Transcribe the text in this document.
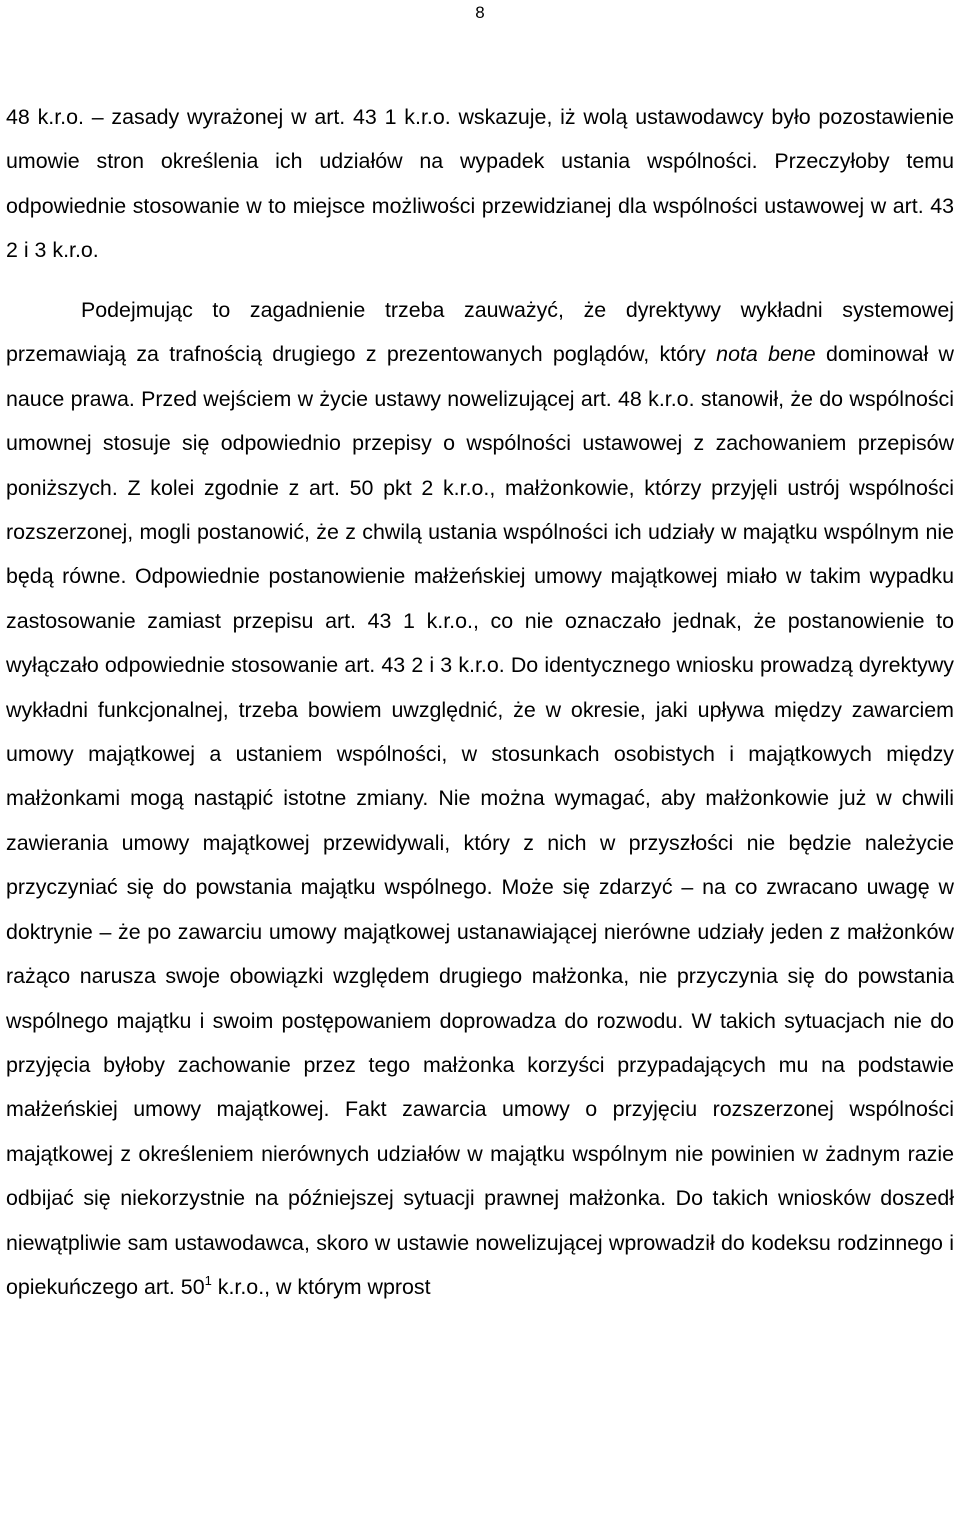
8

48 k.r.o. – zasady wyrażonej w art. 43 1 k.r.o. wskazuje, iż wolą ustawodawcy było pozostawienie umowie stron określenia ich udziałów na wypadek ustania wspólności. Przeczyłoby temu odpowiednie stosowanie w to miejsce możliwości przewidzianej dla wspólności ustawowej w art. 43 2 i 3 k.r.o.

Podejmując to zagadnienie trzeba zauważyć, że dyrektywy wykładni systemowej przemawiają za trafnością drugiego z prezentowanych poglądów, który nota bene dominował w nauce prawa. Przed wejściem w życie ustawy nowelizującej art. 48 k.r.o. stanowił, że do wspólności umownej stosuje się odpowiednio przepisy o wspólności ustawowej z zachowaniem przepisów poniższych. Z kolei zgodnie z art. 50 pkt 2 k.r.o., małżonkowie, którzy przyjęli ustrój wspólności rozszerzonej, mogli postanowić, że z chwilą ustania wspólności ich udziały w majątku wspólnym nie będą równe. Odpowiednie postanowienie małżeńskiej umowy majątkowej miało w takim wypadku zastosowanie zamiast przepisu art. 43 1 k.r.o., co nie oznaczało jednak, że postanowienie to wyłączało odpowiednie stosowanie art. 43 2 i 3 k.r.o. Do identycznego wniosku prowadzą dyrektywy wykładni funkcjonalnej, trzeba bowiem uwzględnić, że w okresie, jaki upływa między zawarciem umowy majątkowej a ustaniem wspólności, w stosunkach osobistych i majątkowych między małżonkami mogą nastąpić istotne zmiany. Nie można wymagać, aby małżonkowie już w chwili zawierania umowy majątkowej przewidywali, który z nich w przyszłości nie będzie należycie przyczyniać się do powstania majątku wspólnego. Może się zdarzyć – na co zwracano uwagę w doktrynie – że po zawarciu umowy majątkowej ustanawiającej nierówne udziały jeden z małżonków rażąco narusza swoje obowiązki względem drugiego małżonka, nie przyczynia się do powstania wspólnego majątku i swoim postępowaniem doprowadza do rozwodu. W takich sytuacjach nie do przyjęcia byłoby zachowanie przez tego małżonka korzyści przypadających mu na podstawie małżeńskiej umowy majątkowej. Fakt zawarcia umowy o przyjęciu rozszerzonej wspólności majątkowej z określeniem nierównych udziałów w majątku wspólnym nie powinien w żadnym razie odbijać się niekorzystnie na późniejszej sytuacji prawnej małżonka. Do takich wniosków doszedł niewątpliwie sam ustawodawca, skoro w ustawie nowelizującej wprowadził do kodeksu rodzinnego i opiekuńczego art. $50^1$ k.r.o., w którym wprost
